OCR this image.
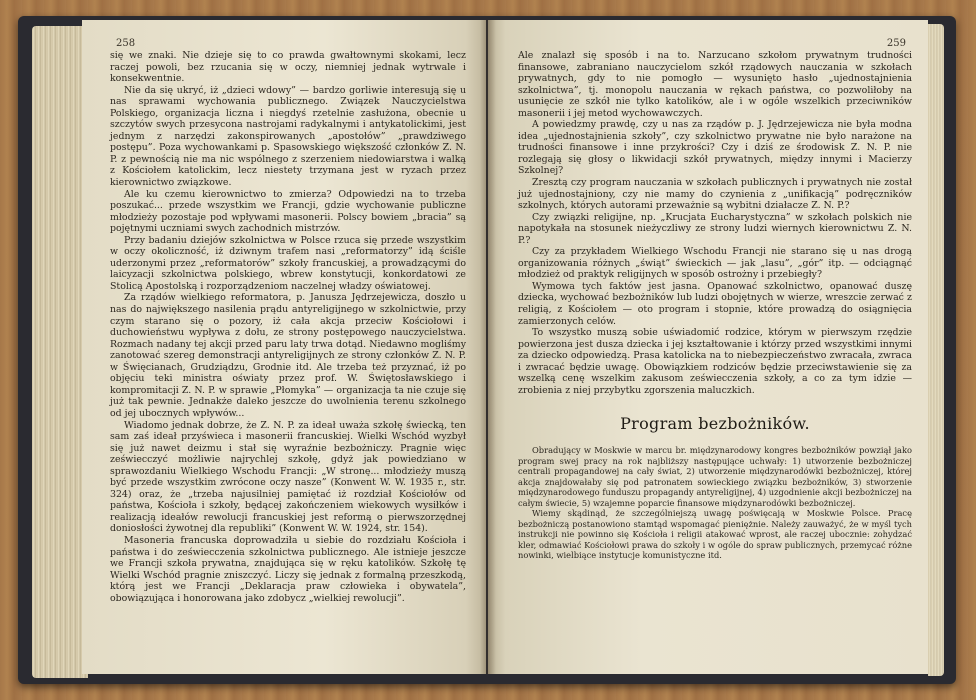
258

się we znaki. Nie dzieje się to co prawda gwałtownymi skokami, lecz raczej powoli, bez rzucania się w oczy, niemniej jednak wytrwale i konsekwentnie.

Nie da się ukryć, iż „dzieci wdowy” — bardzo gorliwie interesują się u nas sprawami wychowania publicznego. Związek Nauczycielstwa Polskiego, organizacja liczna i niegdyś rzetelnie zasłużona, obecnie u szczytów swych przesycona nastrojami radykalnymi i antykatolickimi, jest jednym z narzędzi zakonspirowanych „apostołów” „prawdziwego postępu”. Poza wychowankami p. Spasowskiego większość członków Z. N. P. z pewnością nie ma nic wspólnego z szerzeniem niedowiarstwa i walką z Kościołem katolickim, lecz niestety trzymana jest w ryzach przez kierownictwo związkowe.

Ale ku czemu kierownictwo to zmierza? Odpowiedzi na to trzeba poszukać... przede wszystkim we Francji, gdzie wychowanie publiczne młodzieży pozostaje pod wpływami masonerii. Polscy bowiem „bracia” są pojętnymi uczniami swych zachodnich mistrzów.

Przy badaniu dziejów szkolnictwa w Polsce rzuca się przede wszystkim w oczy okoliczność, iż dziwnym trafem nasi „reformatorzy” idą ściśle uderzonymi przez „reformatorów” szkoły francuskiej, a prowadzącymi do laicyzacji szkolnictwa polskiego, wbrew konstytucji, konkordatowi ze Stolicą Apostolską i rozporządzeniom naczelnej władzy oświatowej.

Za rządów wielkiego reformatora, p. Janusza Jędrzejewicza, doszło u nas do największego nasilenia prądu antyreligijnego w szkolnictwie, przy czym starano się o pozory, iż cała akcja przeciw Kościołowi i duchowieństwu wypływa z dołu, ze strony postępowego nauczycielstwa. Rozmach nadany tej akcji przed paru laty trwa dotąd. Niedawno mogliśmy zanotować szereg demonstracji antyreligijnych ze strony członków Z. N. P. w Święcianach, Grudziądzu, Grodnie itd. Ale trzeba też przyznać, iż po objęciu teki ministra oświaty przez prof. W. Świętosławskiego i kompromitacji Z. N. P. w sprawie „Płomyka” — organizacja ta nie czuje się już tak pewnie. Jednakże daleko jeszcze do uwolnienia terenu szkolnego od jej ubocznych wpływów...

Wiadomo jednak dobrze, że Z. N. P. za ideał uważa szkołę świecką, ten sam zaś ideał przyświeca i masonerii francuskiej. Wielki Wschód wyzbył się już nawet deizmu i stał się wyraźnie bezbożniczy. Pragnie więc zeświecczyć możliwie najrychlej szkołę, gdyż jak powiedziano w sprawozdaniu Wielkiego Wschodu Francji: „W stronę... młodzieży muszą być przede wszystkim zwrócone oczy nasze” (Konwent W. W. 1935 r., str. 324) oraz, że „trzeba najusilniej pamiętać iż rozdział Kościołów od państwa, Kościoła i szkoły, będącej zakończeniem wiekowych wysiłków i realizacją ideałów rewolucji francuskiej jest reformą o pierwszorzędnej doniosłości żywotnej dla republiki” (Konwent W. W. 1924, str. 154).

Masoneria francuska doprowadziła u siebie do rozdziału Kościoła i państwa i do zeświecczenia szkolnictwa publicznego. Ale istnieje jeszcze we Francji szkoła prywatna, znajdująca się w ręku katolików. Szkołę tę Wielki Wschód pragnie zniszczyć. Liczy się jednak z formalną przeszkodą, którą jest we Francji „Deklaracja praw człowieka i obywatela”, obowiązująca i honorowana jako zdobycz „wielkiej rewolucji”.

259

Ale znalazł się sposób i na to. Narzucano szkołom prywatnym trudności finansowe, zabraniano nauczycielom szkół rządowych nauczania w szkołach prywatnych, gdy to nie pomogło — wysunięto hasło „ujednostajnienia szkolnictwa”, tj. monopolu nauczania w rękach państwa, co pozwoliłoby na usunięcie ze szkół nie tylko katolików, ale i w ogóle wszelkich przeciwników masonerii i jej metod wychowawczych.

A powiedzmy prawdę, czy u nas za rządów p. J. Jędrzejewicza nie była modna idea „ujednostajnienia szkoły”, czy szkolnictwo prywatne nie było narażone na trudności finansowe i inne przykrości? Czy i dziś ze środowisk Z. N. P. nie rozlegają się głosy o likwidacji szkół prywatnych, między innymi i Macierzy Szkolnej?

Zresztą czy program nauczania w szkołach publicznych i prywatnych nie został już ujednostajniony, czy nie mamy do czynienia z „unifikacją” podręczników szkolnych, których autorami przeważnie są wybitni działacze Z. N. P.?

Czy związki religijne, np. „Krucjata Eucharystyczna” w szkołach polskich nie napotykała na stosunek nieżyczliwy ze strony ludzi wiernych kierownictwu Z. N. P.?

Czy za przykładem Wielkiego Wschodu Francji nie starano się u nas drogą organizowania różnych „świąt” świeckich — jak „lasu”, „gór” itp. — odciągnąć młodzież od praktyk religijnych w sposób ostrożny i przebiegły?

Wymowa tych faktów jest jasna. Opanować szkolnictwo, opanować duszę dziecka, wychować bezbożników lub ludzi obojętnych w wierze, wreszcie zerwać z religią, z Kościołem — oto program i stopnie, które prowadzą do osiągnięcia zamierzonych celów.

To wszystko muszą sobie uświadomić rodzice, którym w pierwszym rzędzie powierzona jest dusza dziecka i jej kształtowanie i którzy przed wszystkimi innymi za dziecko odpowiedzą. Prasa katolicka na to niebezpieczeństwo zwracała, zwraca i zwracać będzie uwagę. Obowiązkiem rodziców będzie przeciwstawienie się za wszelką cenę wszelkim zakusom zeświecczenia szkoły, a co za tym idzie — zrobienia z niej przybytku zgorszenia maluczkich.

Program bezbożników.

Obradujący w Moskwie w marcu br. międzynarodowy kongres bezbożników powziął jako program swej pracy na rok najbliższy następujące uchwały: 1) utworzenie bezbożniczej centrali propagandowej na cały świat, 2) utworzenie międzynarodówki bezbożniczej, której akcja znajdowałaby się pod patronatem sowieckiego związku bezbożników, 3) stworzenie międzynarodowego funduszu propagandy antyreligijnej, 4) uzgodnienie akcji bezbożniczej na całym świecie, 5) wzajemne poparcie finansowe międzynarodówki bezbożniczej.

Wiemy skądinąd, że szczególniejszą uwagę poświęcają w Moskwie Polsce. Pracę bezbożniczą postanowiono stamtąd wspomagać pieniężnie. Należy zauważyć, że w myśl tych instrukcji nie powinno się Kościoła i religii atakować wprost, ale raczej ubocznie: zohydzać kler, odmawiać Kościołowi prawa do szkoły i w ogóle do spraw publicznych, przemycać różne nowinki, wielbiące instytucje komunistyczne itd.
